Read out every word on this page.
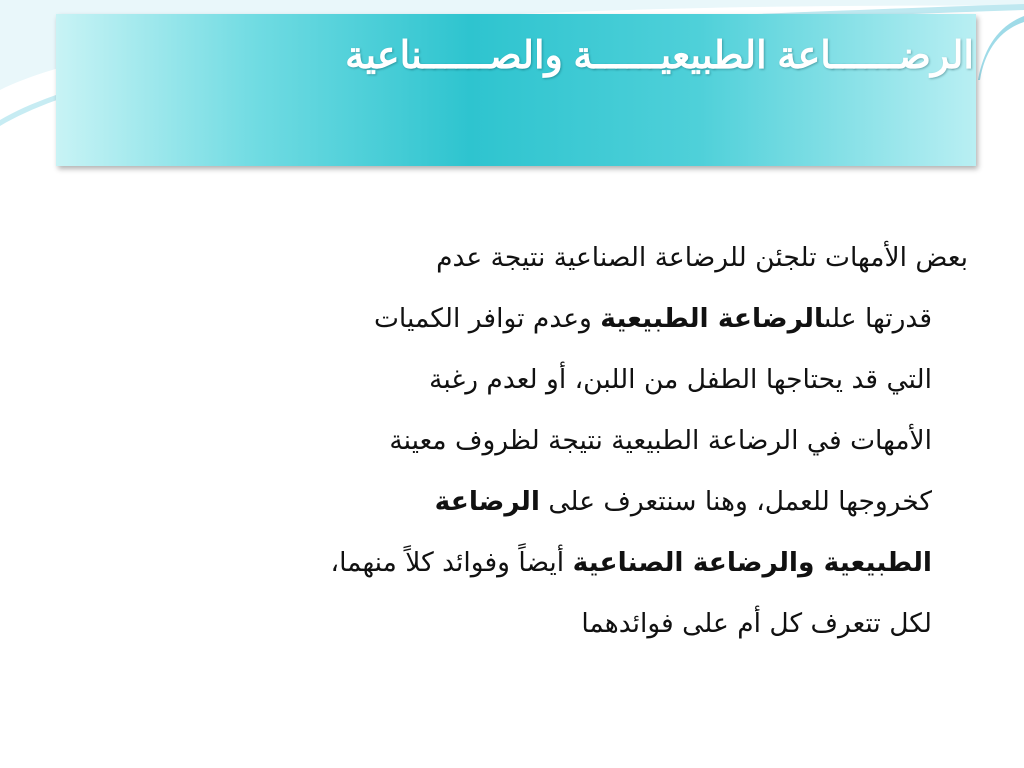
الرضــــــاعة الطبيعيــــــة والصــــــناعية
بعض الأمهات تلجئن للرضاعة الصناعية نتيجة عدم
قدرتها علىالرضاعة الطبيعية وعدم توافر الكميات
التي قد يحتاجها الطفل من اللبن، أو لعدم رغبة
الأمهات في الرضاعة الطبيعية نتيجة لظروف معينة
كخروجها للعمل، وهنا سنتعرف على الرضاعة
الطبيعية والرضاعة الصناعية أيضاً وفوائد كلاً منهما،
لكل تتعرف كل أم على فوائدهما
